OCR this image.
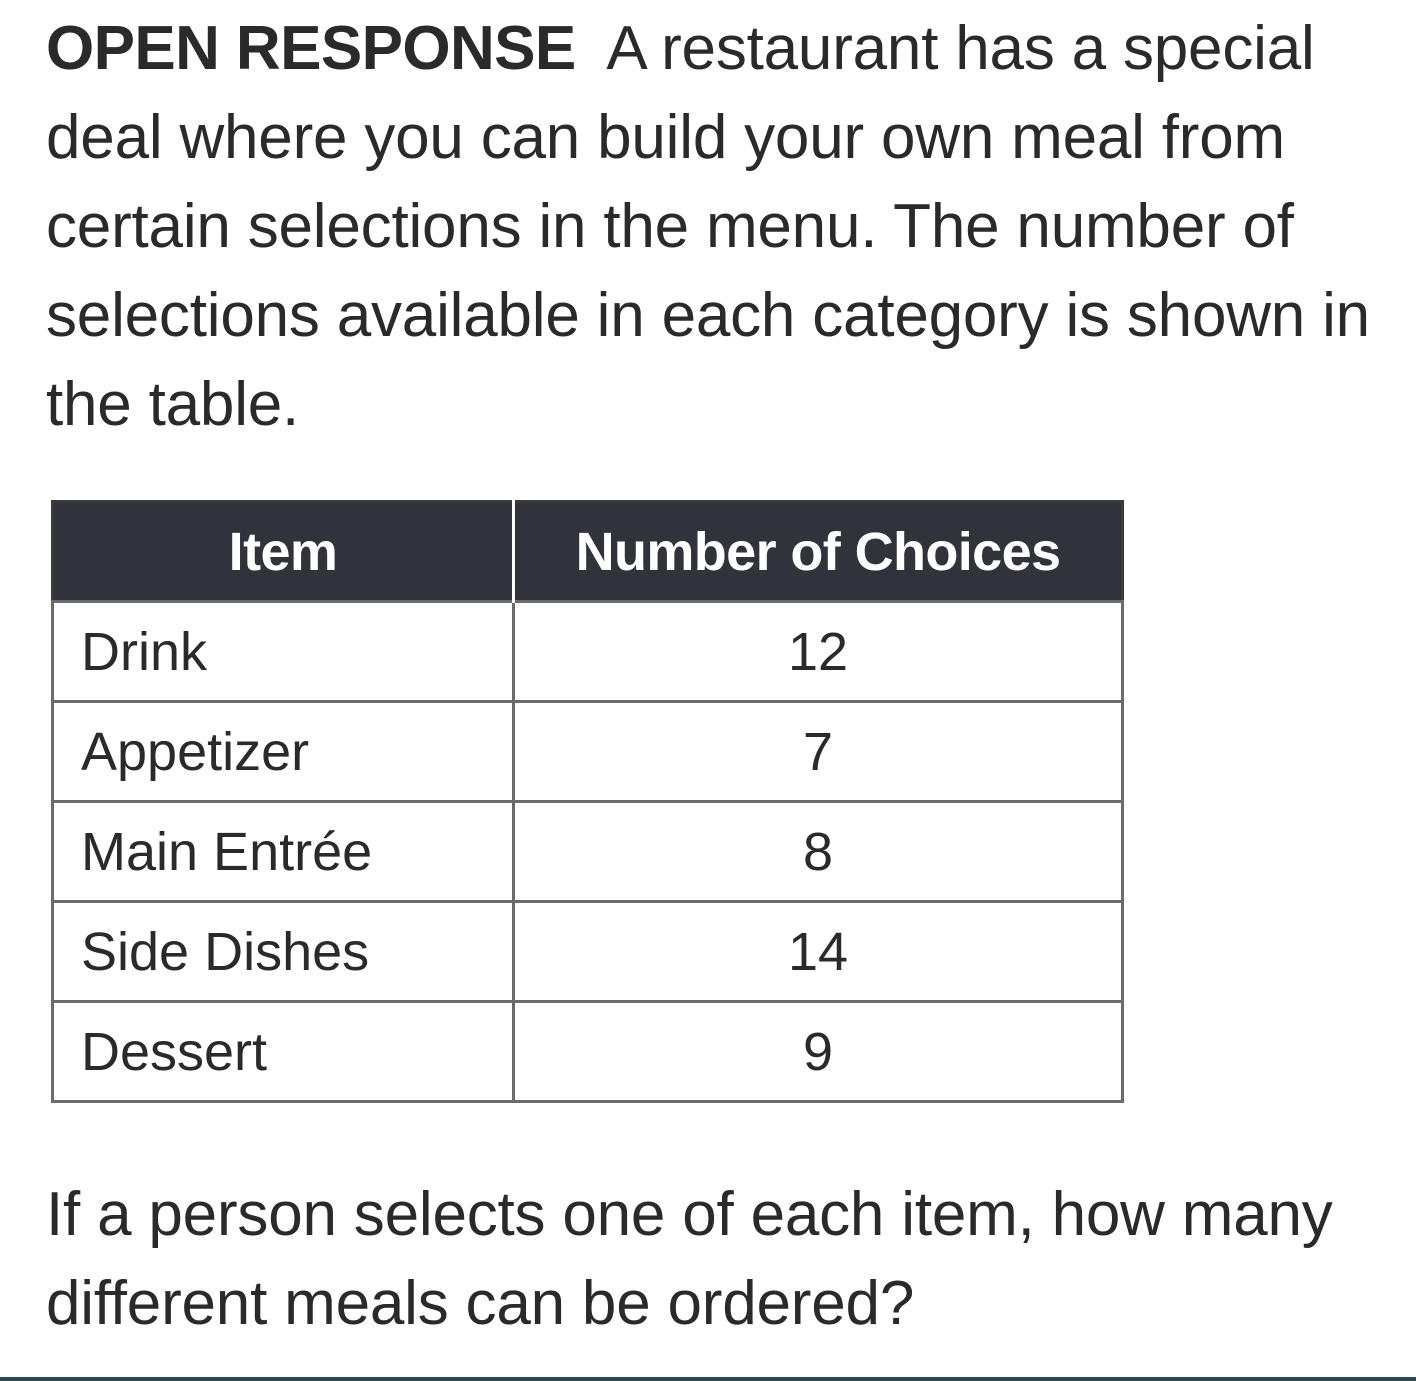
OPEN RESPONSE A restaurant has a special deal where you can build your own meal from certain selections in the menu. The number of selections available in each category is shown in the table.

Item	Number of Choices
Drink	12
Appetizer	7
Main Entrée	8
Side Dishes	14
Dessert	9

If a person selects one of each item, how many different meals can be ordered?
